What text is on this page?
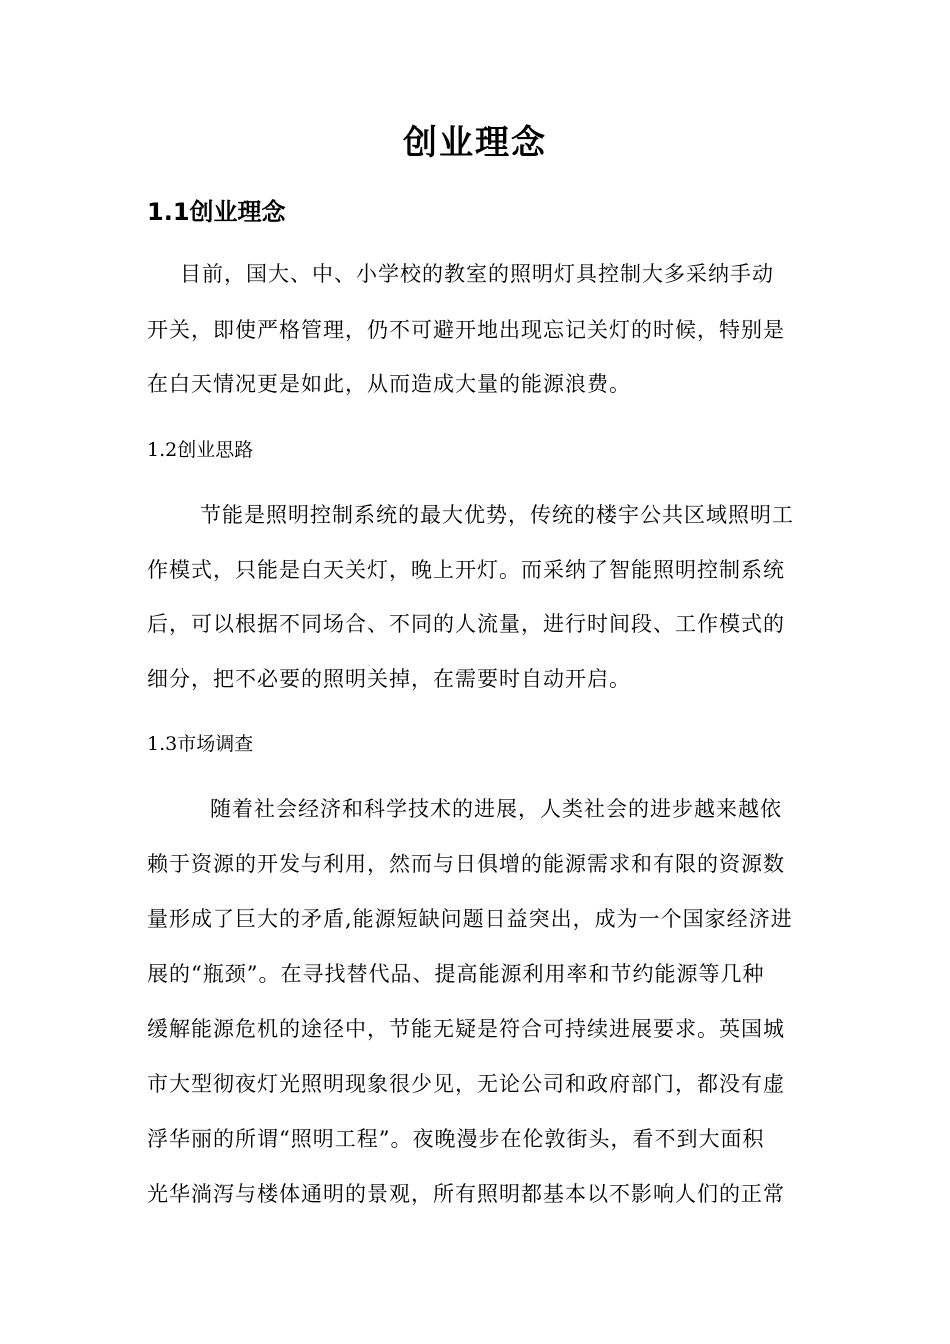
创业理念
1.1创业理念
目前，国大、中、小学校的教室的照明灯具控制大多采纳手动
开关，即使严格管理，仍不可避开地出现忘记关灯的时候，特别是
在白天情况更是如此，从而造成大量的能源浪费。
1.2创业思路
节能是照明控制系统的最大优势，传统的楼宇公共区域照明工
作模式，只能是白天关灯，晚上开灯。而采纳了智能照明控制系统
后，可以根据不同场合、不同的人流量，进行时间段、工作模式的
细分，把不必要的照明关掉，在需要时自动开启。
1.3市场调查
随着社会经济和科学技术的进展，人类社会的进步越来越依
赖于资源的开发与利用，然而与日俱增的能源需求和有限的资源数
量形成了巨大的矛盾,能源短缺问题日益突出，成为一个国家经济进
展的“瓶颈”。在寻找替代品、提高能源利用率和节约能源等几种
缓解能源危机的途径中，节能无疑是符合可持续进展要求。英国城
市大型彻夜灯光照明现象很少见，无论公司和政府部门，都没有虚
浮华丽的所谓“照明工程”。夜晚漫步在伦敦街头，看不到大面积
光华淌泻与楼体通明的景观，所有照明都基本以不影响人们的正常
